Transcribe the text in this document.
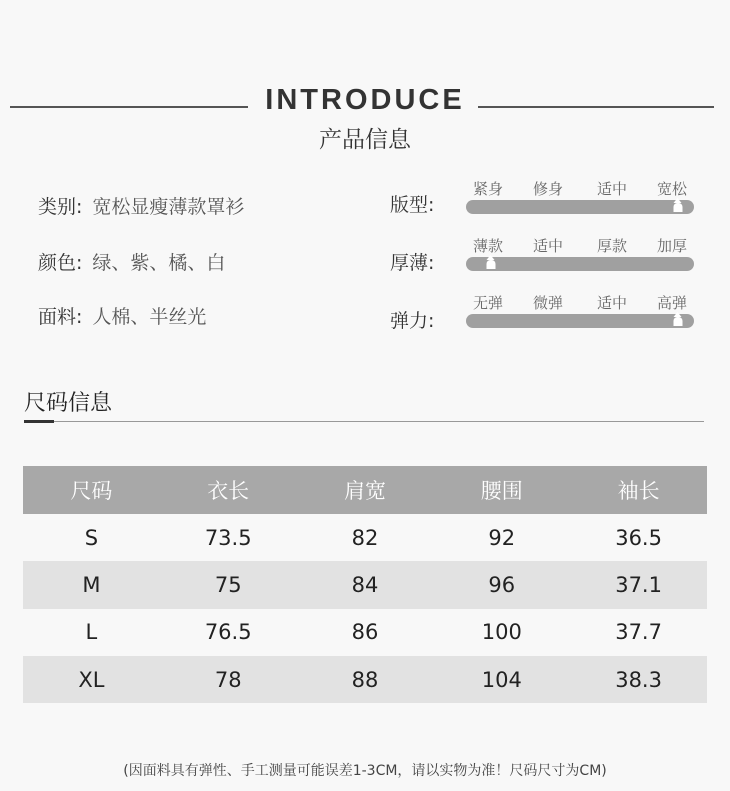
INTRODUCE
产品信息
类别: 宽松显瘦薄款罩衫
颜色: 绿、紫、橘、白
面料: 人棉、半丝光
版型:
紧身 修身 适中 宽松
厚薄:
薄款 适中 厚款 加厚
弹力:
无弹 微弹 适中 高弹
尺码信息
尺码	衣长	肩宽	腰围	袖长
S	73.5	82	92	36.5
M	75	84	96	37.1
L	76.5	86	100	37.7
XL	78	88	104	38.3
(因面料具有弹性、手工测量可能误差1-3CM，请以实物为准！尺码尺寸为CM)
